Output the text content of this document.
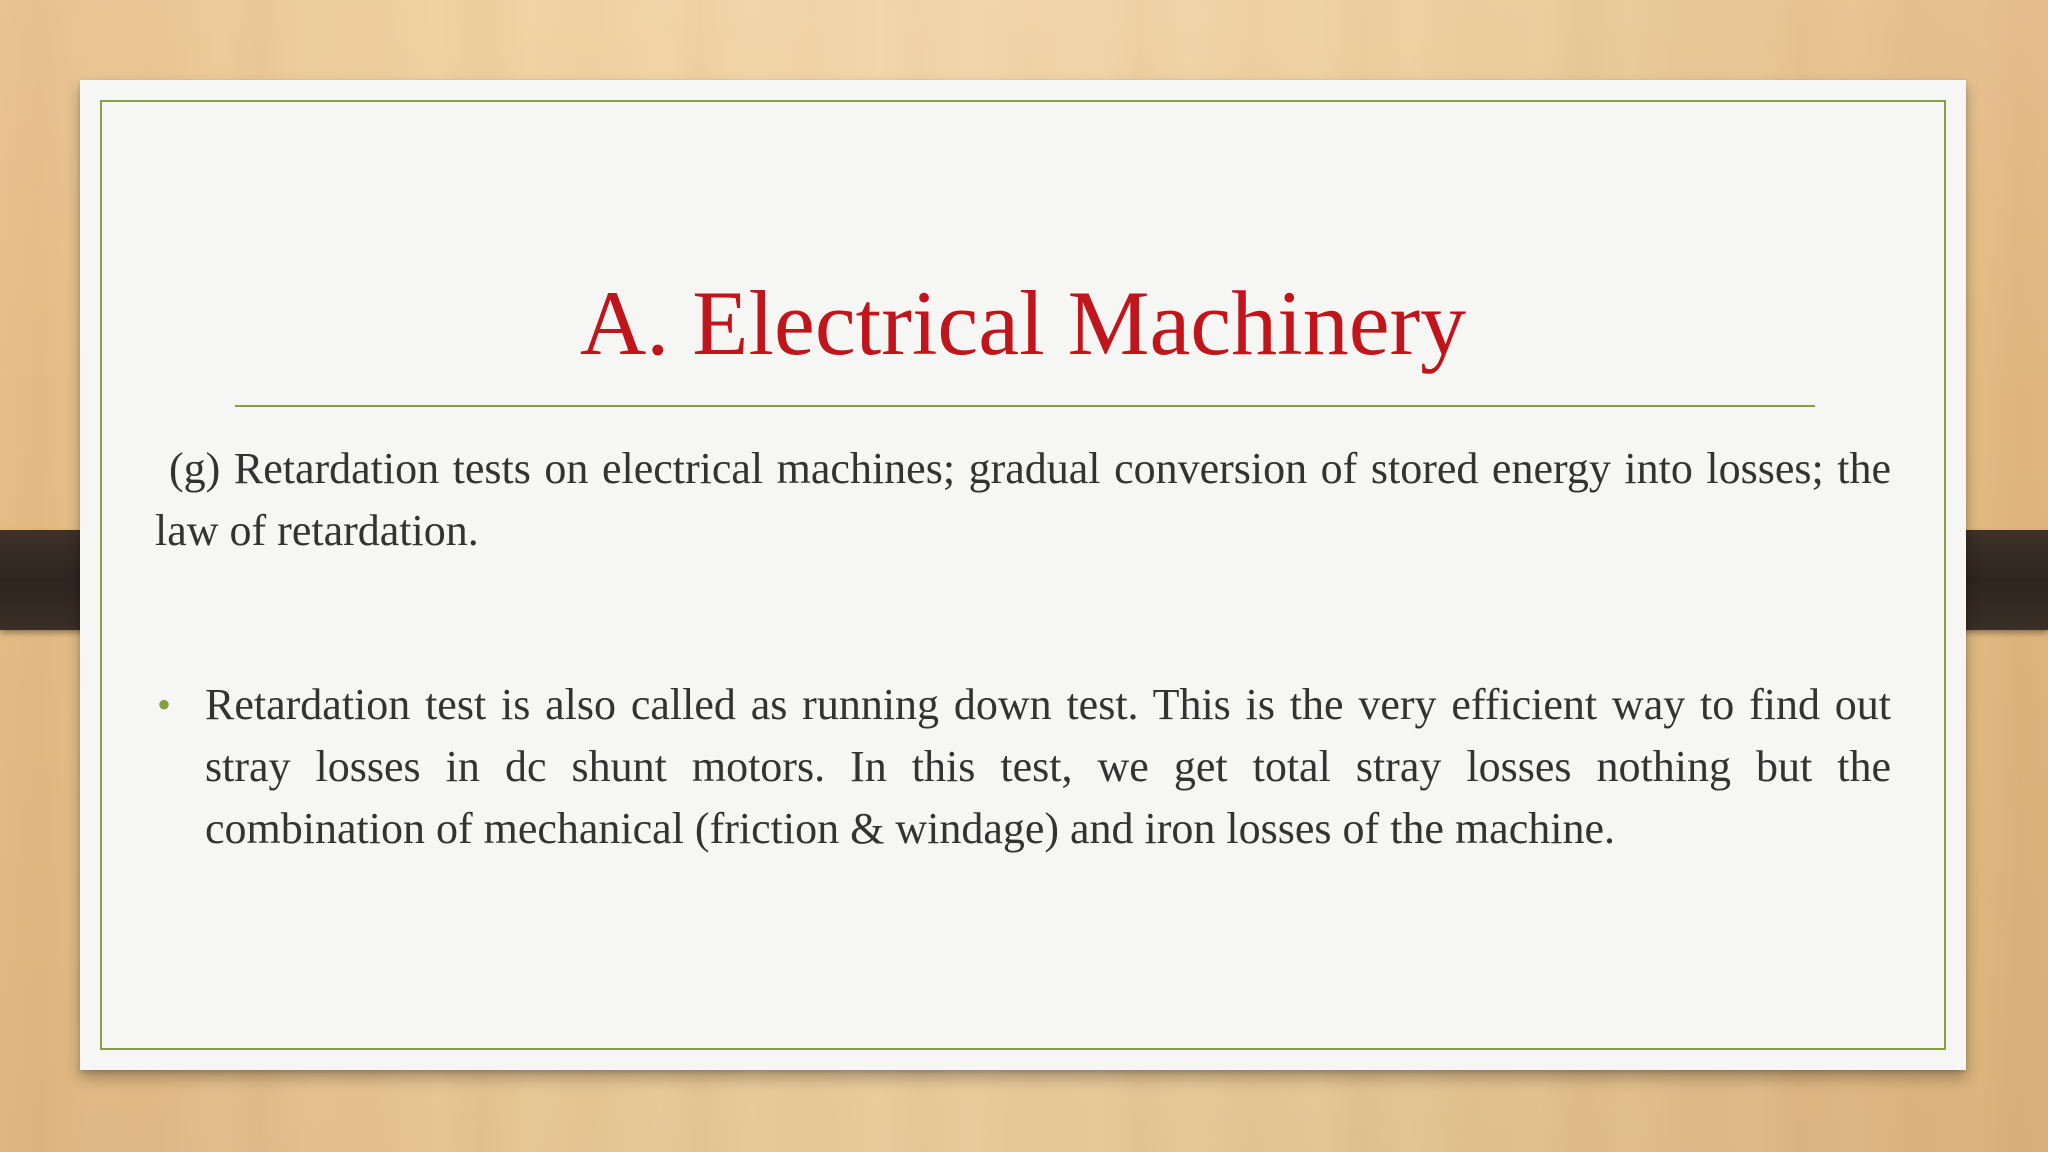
A. Electrical Machinery
(g) Retardation tests on electrical machines; gradual conversion of stored energy into losses; the law of retardation.
• Retardation test is also called as running down test. This is the very efficient way to find out stray losses in dc shunt motors. In this test, we get total stray losses nothing but the combination of mechanical (friction & windage) and iron losses of the machine.
